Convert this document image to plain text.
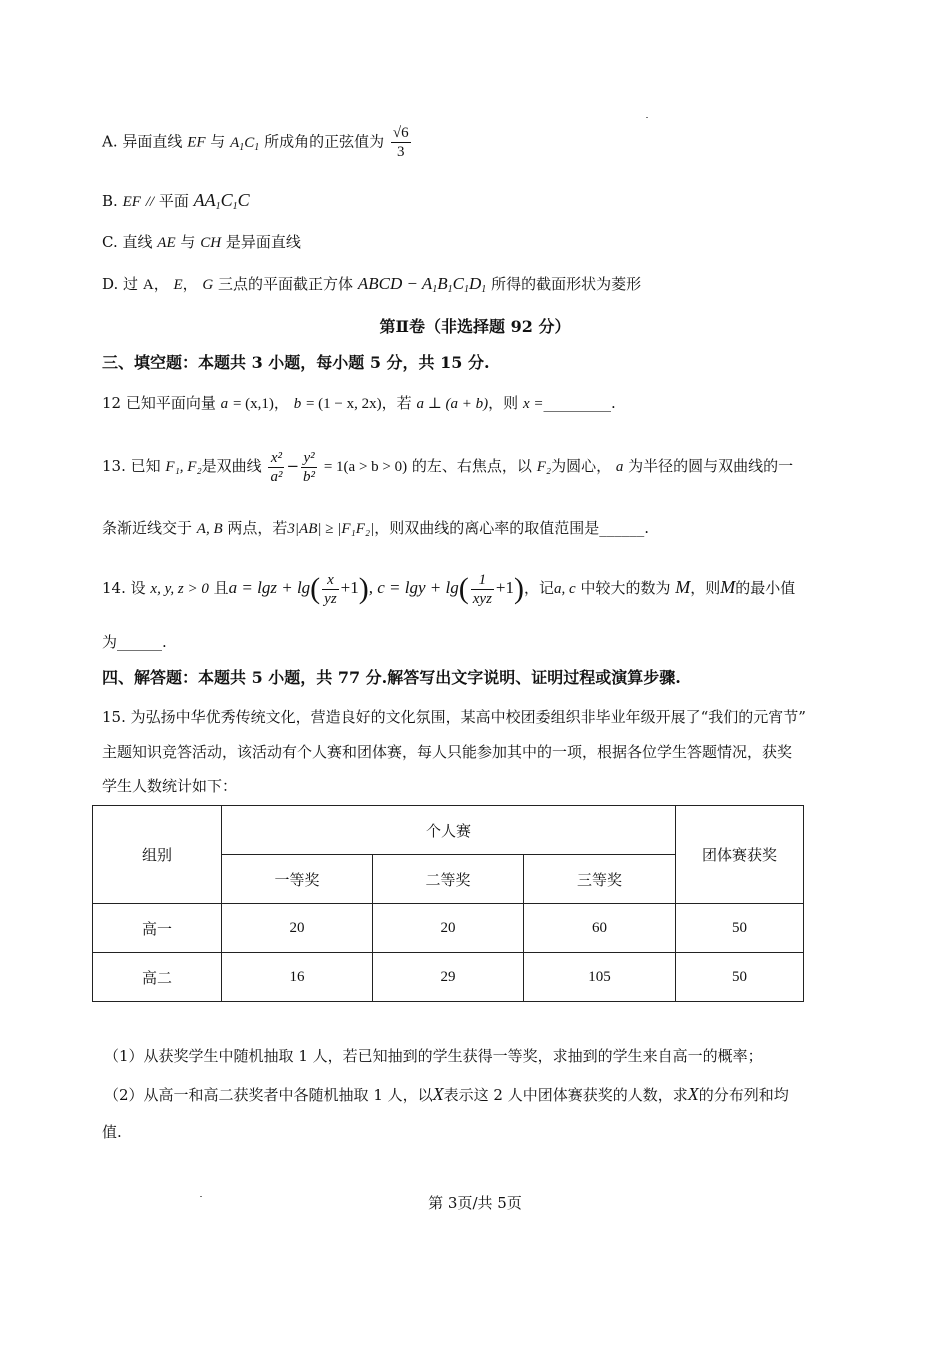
A. 异面直线 EF 与 $A_1C_1$ 所成角的正弦值为 $\frac{√6}{3}$
B. EF // 平面 $AA_1C_1C$
C. 直线 AE 与 CH 是异面直线
D. 过 A， E， G 三点的平面截正方体 ABCD − $A_1B_1C_1D_1$ 所得的截面形状为菱形
第Ⅱ卷（非选择题 92 分）
三、填空题：本题共 3 小题，每小题 5 分，共 15 分.
12 已知平面向量 a = (x,1)， b = (1 − x, 2x)，若 a ⊥ (a + b)，则 x =_________.
13. 已知 F₁, F₂是双曲线 $\frac{\text{x²}}{\text{a²}} - \frac{\text{y²}}{\text{b²}} = 1(a > b > 0)$ 的左、右焦点，以 F₂为圆心， a 为半径的圆与双曲线的一
条渐近线交于 A, B 两点，若3|AB| ≥ |F₁F₂|，则双曲线的离心率的取值范围是______.
14. 设 x, y, z > 0 且$a = \lg z + \lg( \frac{x}{yz} +1)$, $c = \lg y + \lg( \frac{1}{\text{xyz}} +1)$，记a, c 中较大的数为 M，则M的最小值
为______.
四、解答题：本题共 5 小题，共 77 分.解答写出文字说明、证明过程或演算步骤.
15. 为弘扬中华优秀传统文化，营造良好的文化氛围，某高中校团委组织非毕业年级开展了“我们的元宵节”
主题知识竞答活动，该活动有个人赛和团体赛，每人只能参加其中的一项，根据各位学生答题情况，获奖
学生人数统计如下：
组别	个人赛			团体赛获奖
	一等奖	二等奖	三等奖	
高一	20	20	60	50
高二	16	29	105	50
（1）从获奖学生中随机抽取 1 人，若已知抽到的学生获得一等奖，求抽到的学生来自高一的概率；
（2）从高一和高二获奖者中各随机抽取 1 人，以X表示这 2 人中团体赛获奖的人数，求X的分布列和均
值.
第 3页/共 5页
